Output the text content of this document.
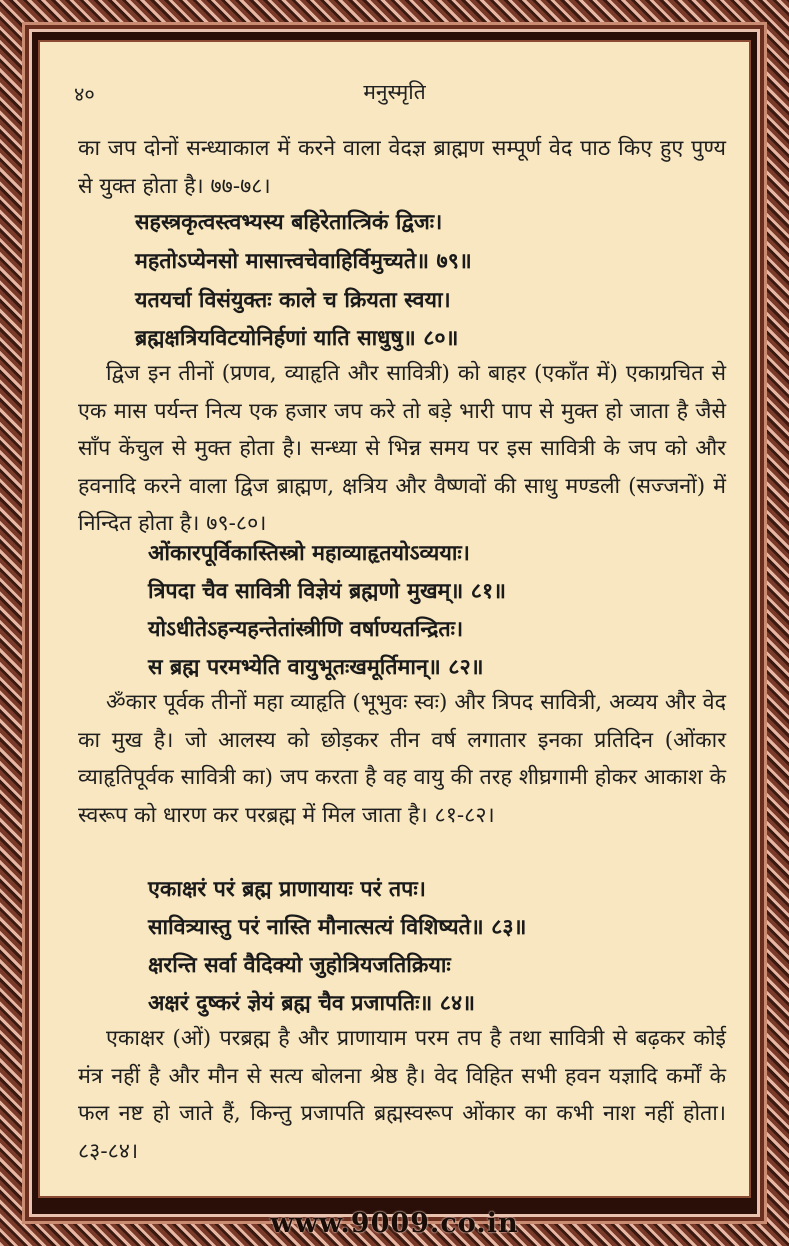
४०	मनुस्मृति
का जप दोनों सन्ध्याकाल में करने वाला वेदज्ञ ब्राह्मण सम्पूर्ण वेद पाठ किए हुए पुण्य से युक्त होता है। ७७-७८।
सहस्त्रकृत्वस्त्वभ्यस्य बहिरेतात्त्रिकं द्विजः।
महतोऽप्येनसो मासात्त्वचेवाहिर्विमुच्यते॥ ७९॥
यतयर्चा विसंयुक्तः काले च क्रियता स्वया।
ब्रह्मक्षत्रियविटयोनिर्हणां याति साधुषु॥ ८०॥
द्विज इन तीनों (प्रणव, व्याहृति और सावित्री) को बाहर (एकाँत में) एकाग्रचित से एक मास पर्यन्त नित्य एक हजार जप करे तो बड़े भारी पाप से मुक्त हो जाता है जैसे साँप केंचुल से मुक्त होता है। सन्ध्या से भिन्न समय पर इस सावित्री के जप को और हवनादि करने वाला द्विज ब्राह्मण, क्षत्रिय और वैष्णवों की साधु मण्डली (सज्जनों) में निन्दित होता है। ७९-८०।
ओंकारपूर्विकास्तिस्त्रो महाव्याहृतयोऽव्ययाः।
त्रिपदा चैव सावित्री विज्ञेयं ब्रह्मणो मुखम्॥ ८१॥
योऽधीतेऽहन्यहन्तेतांस्त्रीणि वर्षाण्यतन्द्रितः।
स ब्रह्म परमभ्येति वायुभूतःखमूर्तिमान्॥ ८२॥
ॐकार पूर्वक तीनों महा व्याहृति (भूभुवः स्वः) और त्रिपद सावित्री, अव्यय और वेद का मुख है। जो आलस्य को छोड़कर तीन वर्ष लगातार इनका प्रतिदिन (ओंकार व्याहृतिपूर्वक सावित्री का) जप करता है वह वायु की तरह शीघ्रगामी होकर आकाश के स्वरूप को धारण कर परब्रह्म में मिल जाता है। ८१-८२।
एकाक्षरं परं ब्रह्म प्राणायायः परं तपः।
सावित्र्यास्तु परं नास्ति मौनात्सत्यं विशिष्यते॥ ८३॥
क्षरन्ति सर्वा वैदिक्यो जुहोत्रियजतिक्रियाः
अक्षरं दुष्करं ज्ञेयं ब्रह्म चैव प्रजापतिः॥ ८४॥
एकाक्षर (ओं) परब्रह्म है और प्राणायाम परम तप है तथा सावित्री से बढ़कर कोई मंत्र नहीं है और मौन से सत्य बोलना श्रेष्ठ है। वेद विहित सभी हवन यज्ञादि कर्मों के फल नष्ट हो जाते हैं, किन्तु प्रजापति ब्रह्मस्वरूप ओंकार का कभी नाश नहीं होता। ८३-८४।
www.9009.co.in
